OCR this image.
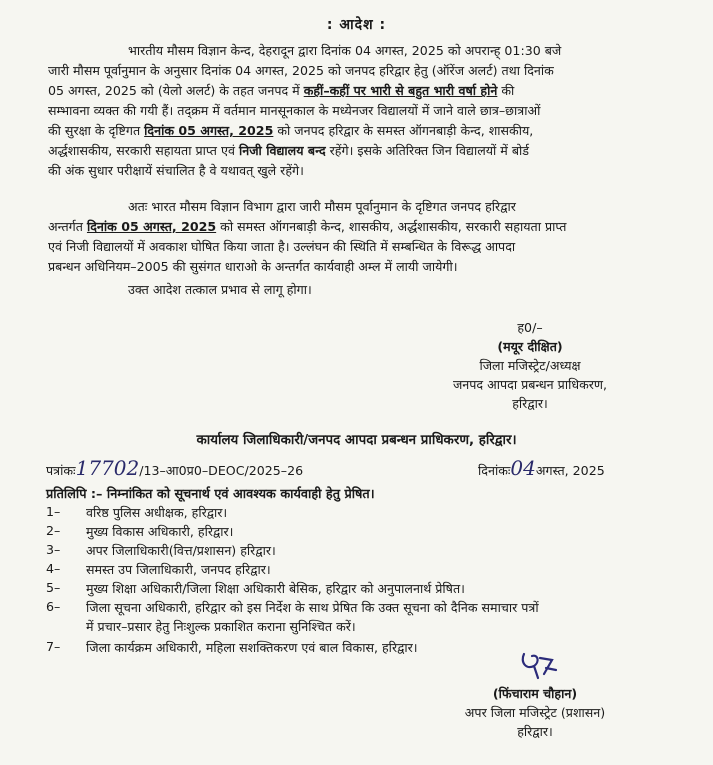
: आदेश :
भारतीय मौसम विज्ञान केन्द, देहरादून द्वारा दिनांक 04 अगस्त, 2025 को अपरान्ह् 01:30 बजे
जारी मौसम पूर्वानुमान के अनुसार दिनांक 04 अगस्त, 2025 को जनपद हरिद्वार हेतु (ऑरेंज अलर्ट) तथा दिनांक
05 अगस्त, 2025 को (येलो अलर्ट) के तहत जनपद में कहीं–कहीं पर भारी से बहुत भारी वर्षा होने की
सम्भावना व्यक्त की गयी हैं। तद्क्रम में वर्तमान मानसूनकाल के मध्येनजर विद्यालयों में जाने वाले छात्र–छात्राओं
की सुरक्षा के दृष्टिगत दिनांक 05 अगस्त, 2025 को जनपद हरिद्वार के समस्त ऑगनबाड़ी केन्द, शासकीय,
अर्द्धशासकीय, सरकारी सहायता प्राप्त एवं निजी विद्यालय बन्द रहेंगे। इसके अतिरिक्त जिन विद्यालयों में बोर्ड
की अंक सुधार परीक्षायें संचालित है वे यथावत् खुले रहेंगे।
अतः भारत मौसम विज्ञान विभाग द्वारा जारी मौसम पूर्वानुमान के दृष्टिगत जनपद हरिद्वार
अन्तर्गत दिनांक 05 अगस्त, 2025 को समस्त ऑगनबाड़ी केन्द, शासकीय, अर्द्धशासकीय, सरकारी सहायता प्राप्त
एवं निजी विद्यालयों में अवकाश घोषित किया जाता है। उल्लंघन की स्थिति में सम्बन्धित के विरूद्ध आपदा
प्रबन्धन अधिनियम–2005 की सुसंगत धाराओ के अन्तर्गत कार्यवाही अम्ल में लायी जायेगी।
उक्त आदेश तत्काल प्रभाव से लागू होगा।
ह0/–
(मयूर दीक्षित)
जिला मजिस्ट्रेट/अध्यक्ष
जनपद आपदा प्रबन्धन प्राधिकरण,
हरिद्वार।
कार्यालय जिलाधिकारी/जनपद आपदा प्रबन्धन प्राधिकरण, हरिद्वार।
पत्रांकः17702/13–आ0प्र0–DEOC/2025–26	दिनांकः04अगस्त, 2025
प्रतिलिपि :– निम्नांकित को सूचनार्थ एवं आवश्यक कार्यवाही हेतु प्रेषित।
1– वरिष्ठ पुलिस अधीक्षक, हरिद्वार।
2– मुख्य विकास अधिकारी, हरिद्वार।
3– अपर जिलाधिकारी(वित्त/प्रशासन) हरिद्वार।
4– समस्त उप जिलाधिकारी, जनपद हरिद्वार।
5– मुख्य शिक्षा अधिकारी/जिला शिक्षा अधिकारी बेसिक, हरिद्वार को अनुपालनार्थ प्रेषित।
6– जिला सूचना अधिकारी, हरिद्वार को इस निर्देश के साथ प्रेषित कि उक्त सूचना को दैनिक समाचार पत्रों
में प्रचार–प्रसार हेतु निःशुल्क प्रकाशित कराना सुनिश्चित करें।
7– जिला कार्यक्रम अधिकारी, महिला सशक्तिकरण एवं बाल विकास, हरिद्वार।
(फिंचाराम चौहान)
अपर जिला मजिस्ट्रेट (प्रशासन)
हरिद्वार।
